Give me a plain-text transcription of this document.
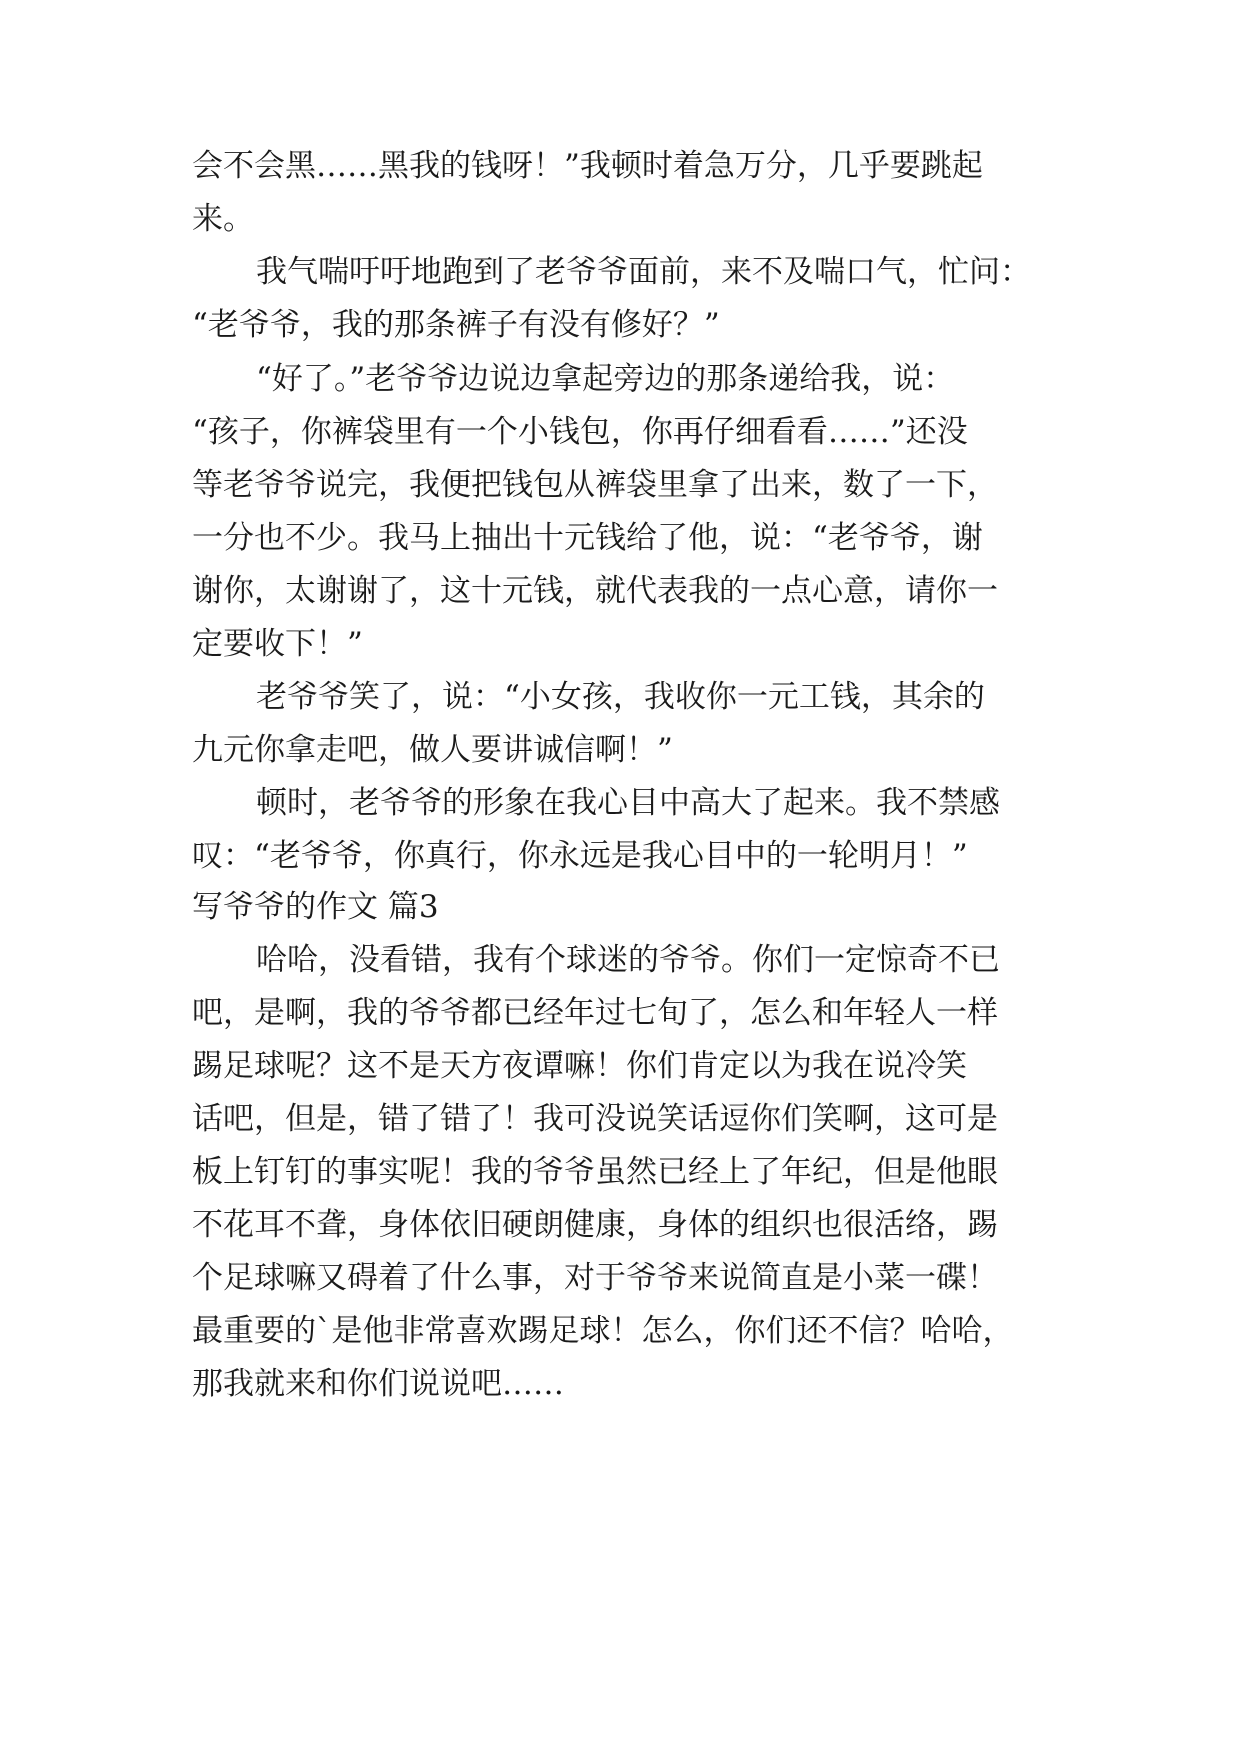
会不会黑……黑我的钱呀！”我顿时着急万分，几乎要跳起
来。
我气喘吁吁地跑到了老爷爷面前，来不及喘口气，忙问：
“老爷爷，我的那条裤子有没有修好？”
“好了。”老爷爷边说边拿起旁边的那条递给我，说：
“孩子，你裤袋里有一个小钱包，你再仔细看看……”还没
等老爷爷说完，我便把钱包从裤袋里拿了出来，数了一下，
一分也不少。我马上抽出十元钱给了他，说：“老爷爷，谢
谢你，太谢谢了，这十元钱，就代表我的一点心意，请你一
定要收下！”
老爷爷笑了，说：“小女孩，我收你一元工钱，其余的
九元你拿走吧，做人要讲诚信啊！”
顿时，老爷爷的形象在我心目中高大了起来。我不禁感
叹：“老爷爷，你真行，你永远是我心目中的一轮明月！”
写爷爷的作文 篇3
哈哈，没看错，我有个球迷的爷爷。你们一定惊奇不已
吧，是啊，我的爷爷都已经年过七旬了，怎么和年轻人一样
踢足球呢？这不是天方夜谭嘛！你们肯定以为我在说冷笑
话吧，但是，错了错了！我可没说笑话逗你们笑啊，这可是
板上钉钉的事实呢！我的爷爷虽然已经上了年纪，但是他眼
不花耳不聋，身体依旧硬朗健康，身体的组织也很活络，踢
个足球嘛又碍着了什么事，对于爷爷来说简直是小菜一碟！
最重要的`是他非常喜欢踢足球！怎么，你们还不信？哈哈，
那我就来和你们说说吧……
